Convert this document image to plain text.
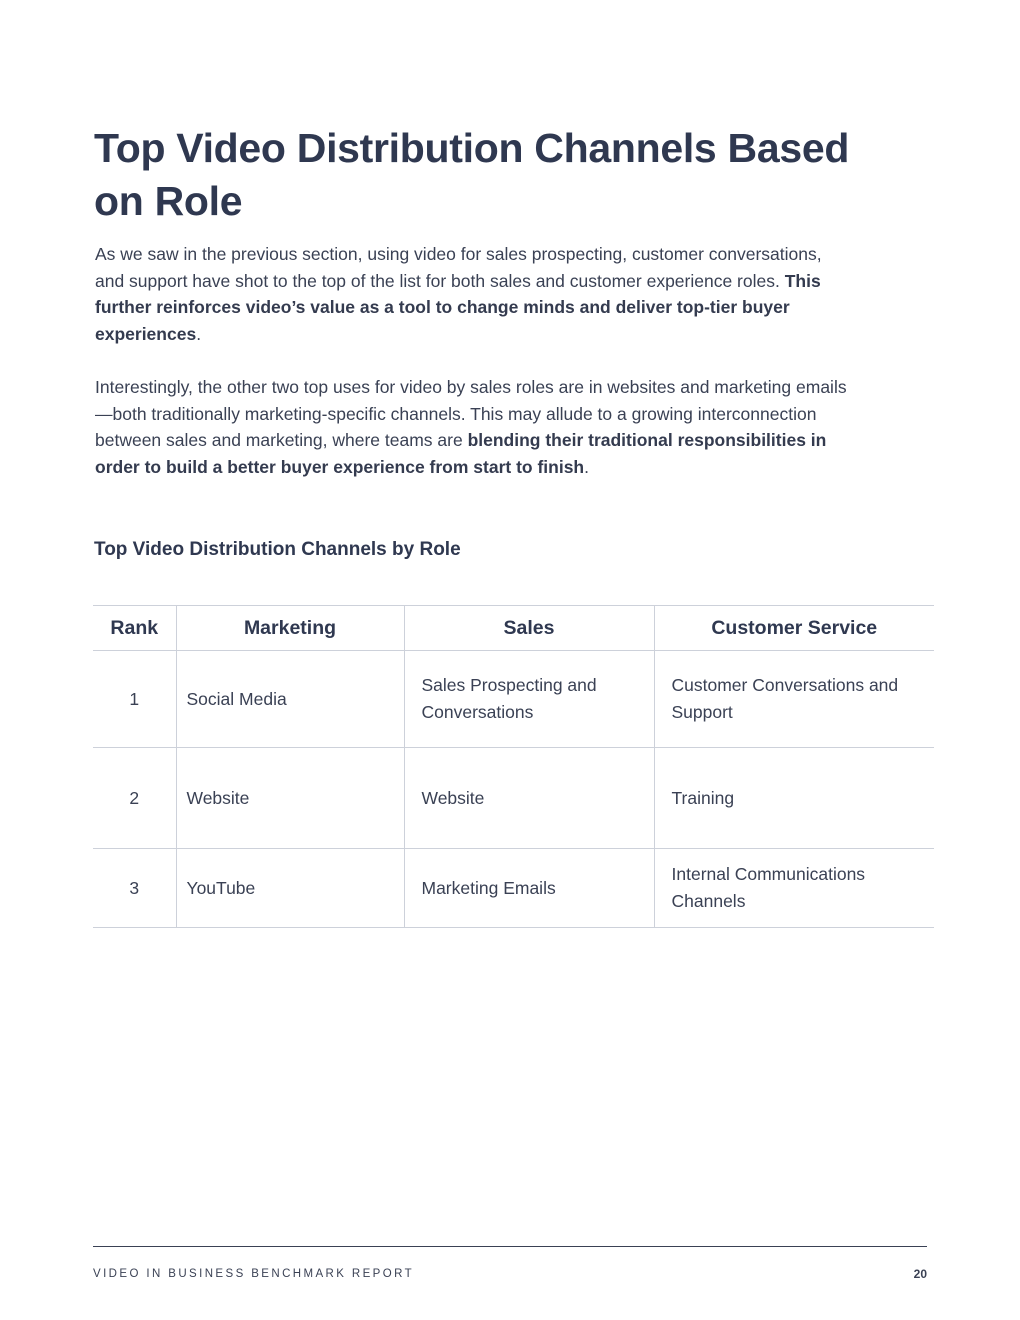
Top Video Distribution Channels Based on Role

As we saw in the previous section, using video for sales prospecting, customer conversations, and support have shot to the top of the list for both sales and customer experience roles. This further reinforces video’s value as a tool to change minds and deliver top-tier buyer experiences.

Interestingly, the other two top uses for video by sales roles are in websites and marketing emails—both traditionally marketing-specific channels. This may allude to a growing interconnection between sales and marketing, where teams are blending their traditional responsibilities in order to build a better buyer experience from start to finish.

Top Video Distribution Channels by Role
Rank	Marketing	Sales	Customer Service
1	Social Media	Sales Prospecting and Conversations	Customer Conversations and Support
2	Website	Website	Training
3	YouTube	Marketing Emails	Internal Communications Channels
VIDEO IN BUSINESS BENCHMARK REPORT	20
